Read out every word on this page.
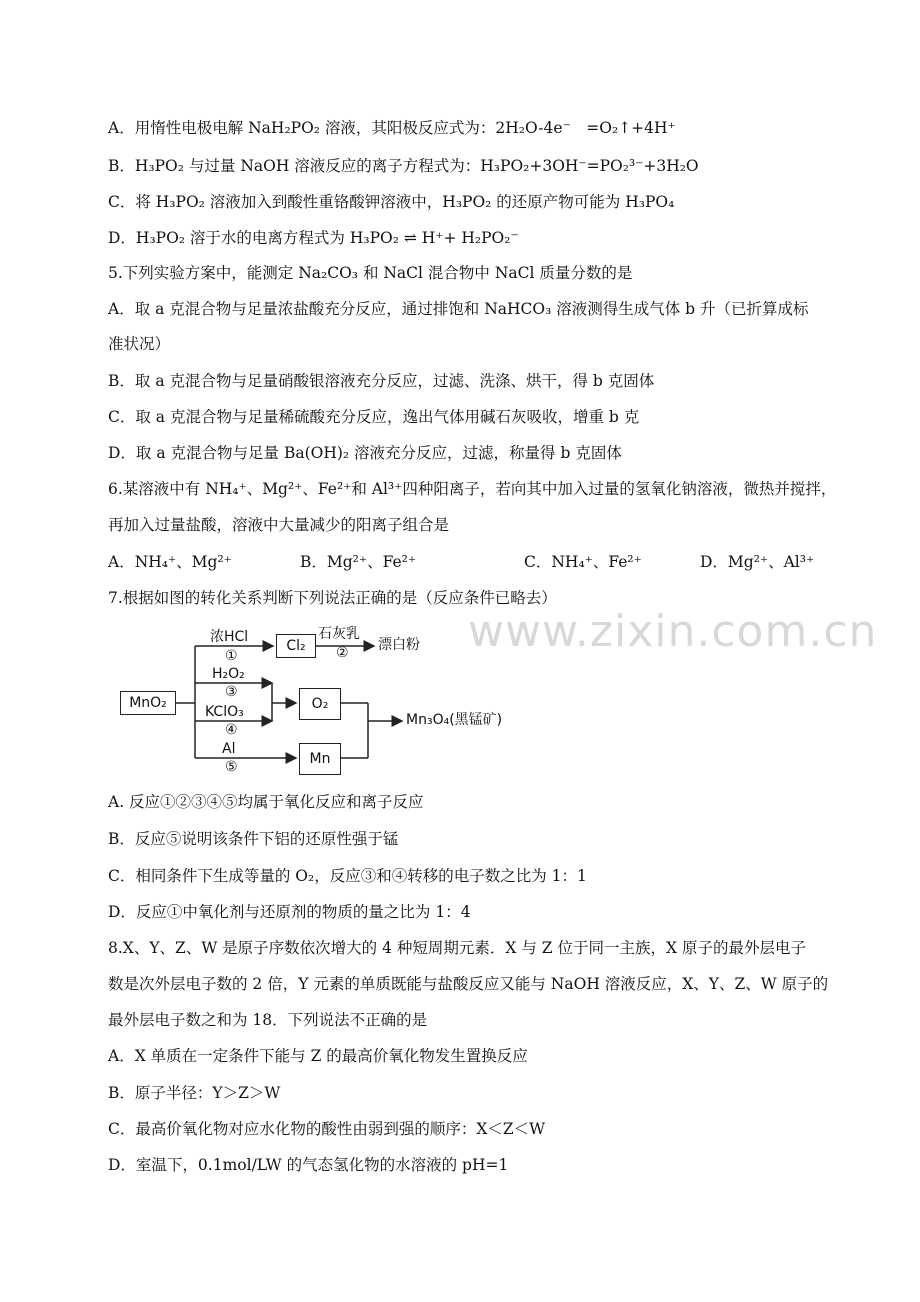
www.zixin.com.cn
A．用惰性电极电解 NaH₂PO₂ 溶液，其阳极反应式为：2H₂O-4e⁻　=O₂↑+4H⁺
B．H₃PO₂ 与过量 NaOH 溶液反应的离子方程式为：H₃PO₂+3OH⁻=PO₂³⁻+3H₂O
C．将 H₃PO₂ 溶液加入到酸性重铬酸钾溶液中，H₃PO₂ 的还原产物可能为 H₃PO₄
D．H₃PO₂ 溶于水的电离方程式为 H₃PO₂ ⇌ H⁺+ H₂PO₂⁻
5.下列实验方案中，能测定 Na₂CO₃ 和 NaCl 混合物中 NaCl 质量分数的是
A．取 a 克混合物与足量浓盐酸充分反应，通过排饱和 NaHCO₃ 溶液测得生成气体 b 升（已折算成标
准状况）
B．取 a 克混合物与足量硝酸银溶液充分反应，过滤、洗涤、烘干，得 b 克固体
C．取 a 克混合物与足量稀硫酸充分反应，逸出气体用碱石灰吸收，增重 b 克
D．取 a 克混合物与足量 Ba(OH)₂ 溶液充分反应，过滤，称量得 b 克固体
6.某溶液中有 NH₄⁺、Mg²⁺、Fe²⁺和 Al³⁺四种阳离子，若向其中加入过量的氢氧化钠溶液，微热并搅拌，
再加入过量盐酸，溶液中大量减少的阳离子组合是
A．NH₄⁺、Mg²⁺	B．Mg²⁺、Fe²⁺	C．NH₄⁺、Fe²⁺	D．Mg²⁺、Al³⁺
7.根据如图的转化关系判断下列说法正确的是（反应条件已略去）
MnO₂
Cl₂
O₂
Mn
浓HCl
①
石灰乳
② 漂白粉
H₂O₂
③
KClO₃
④
Al
⑤
Mn₃O₄(黑锰矿)
A. 反应①②③④⑤均属于氧化反应和离子反应
B．反应⑤说明该条件下铝的还原性强于锰
C．相同条件下生成等量的 O₂，反应③和④转移的电子数之比为 1：1
D．反应①中氧化剂与还原剂的物质的量之比为 1：4
8.X、Y、Z、W 是原子序数依次增大的 4 种短周期元素．X 与 Z 位于同一主族，X 原子的最外层电子
数是次外层电子数的 2 倍，Y 元素的单质既能与盐酸反应又能与 NaOH 溶液反应，X、Y、Z、W 原子的
最外层电子数之和为 18．下列说法不正确的是
A．X 单质在一定条件下能与 Z 的最高价氧化物发生置换反应
B．原子半径：Y＞Z＞W
C．最高价氧化物对应水化物的酸性由弱到强的顺序：X＜Z＜W
D．室温下，0.1mol/LW 的气态氢化物的水溶液的 pH=1
